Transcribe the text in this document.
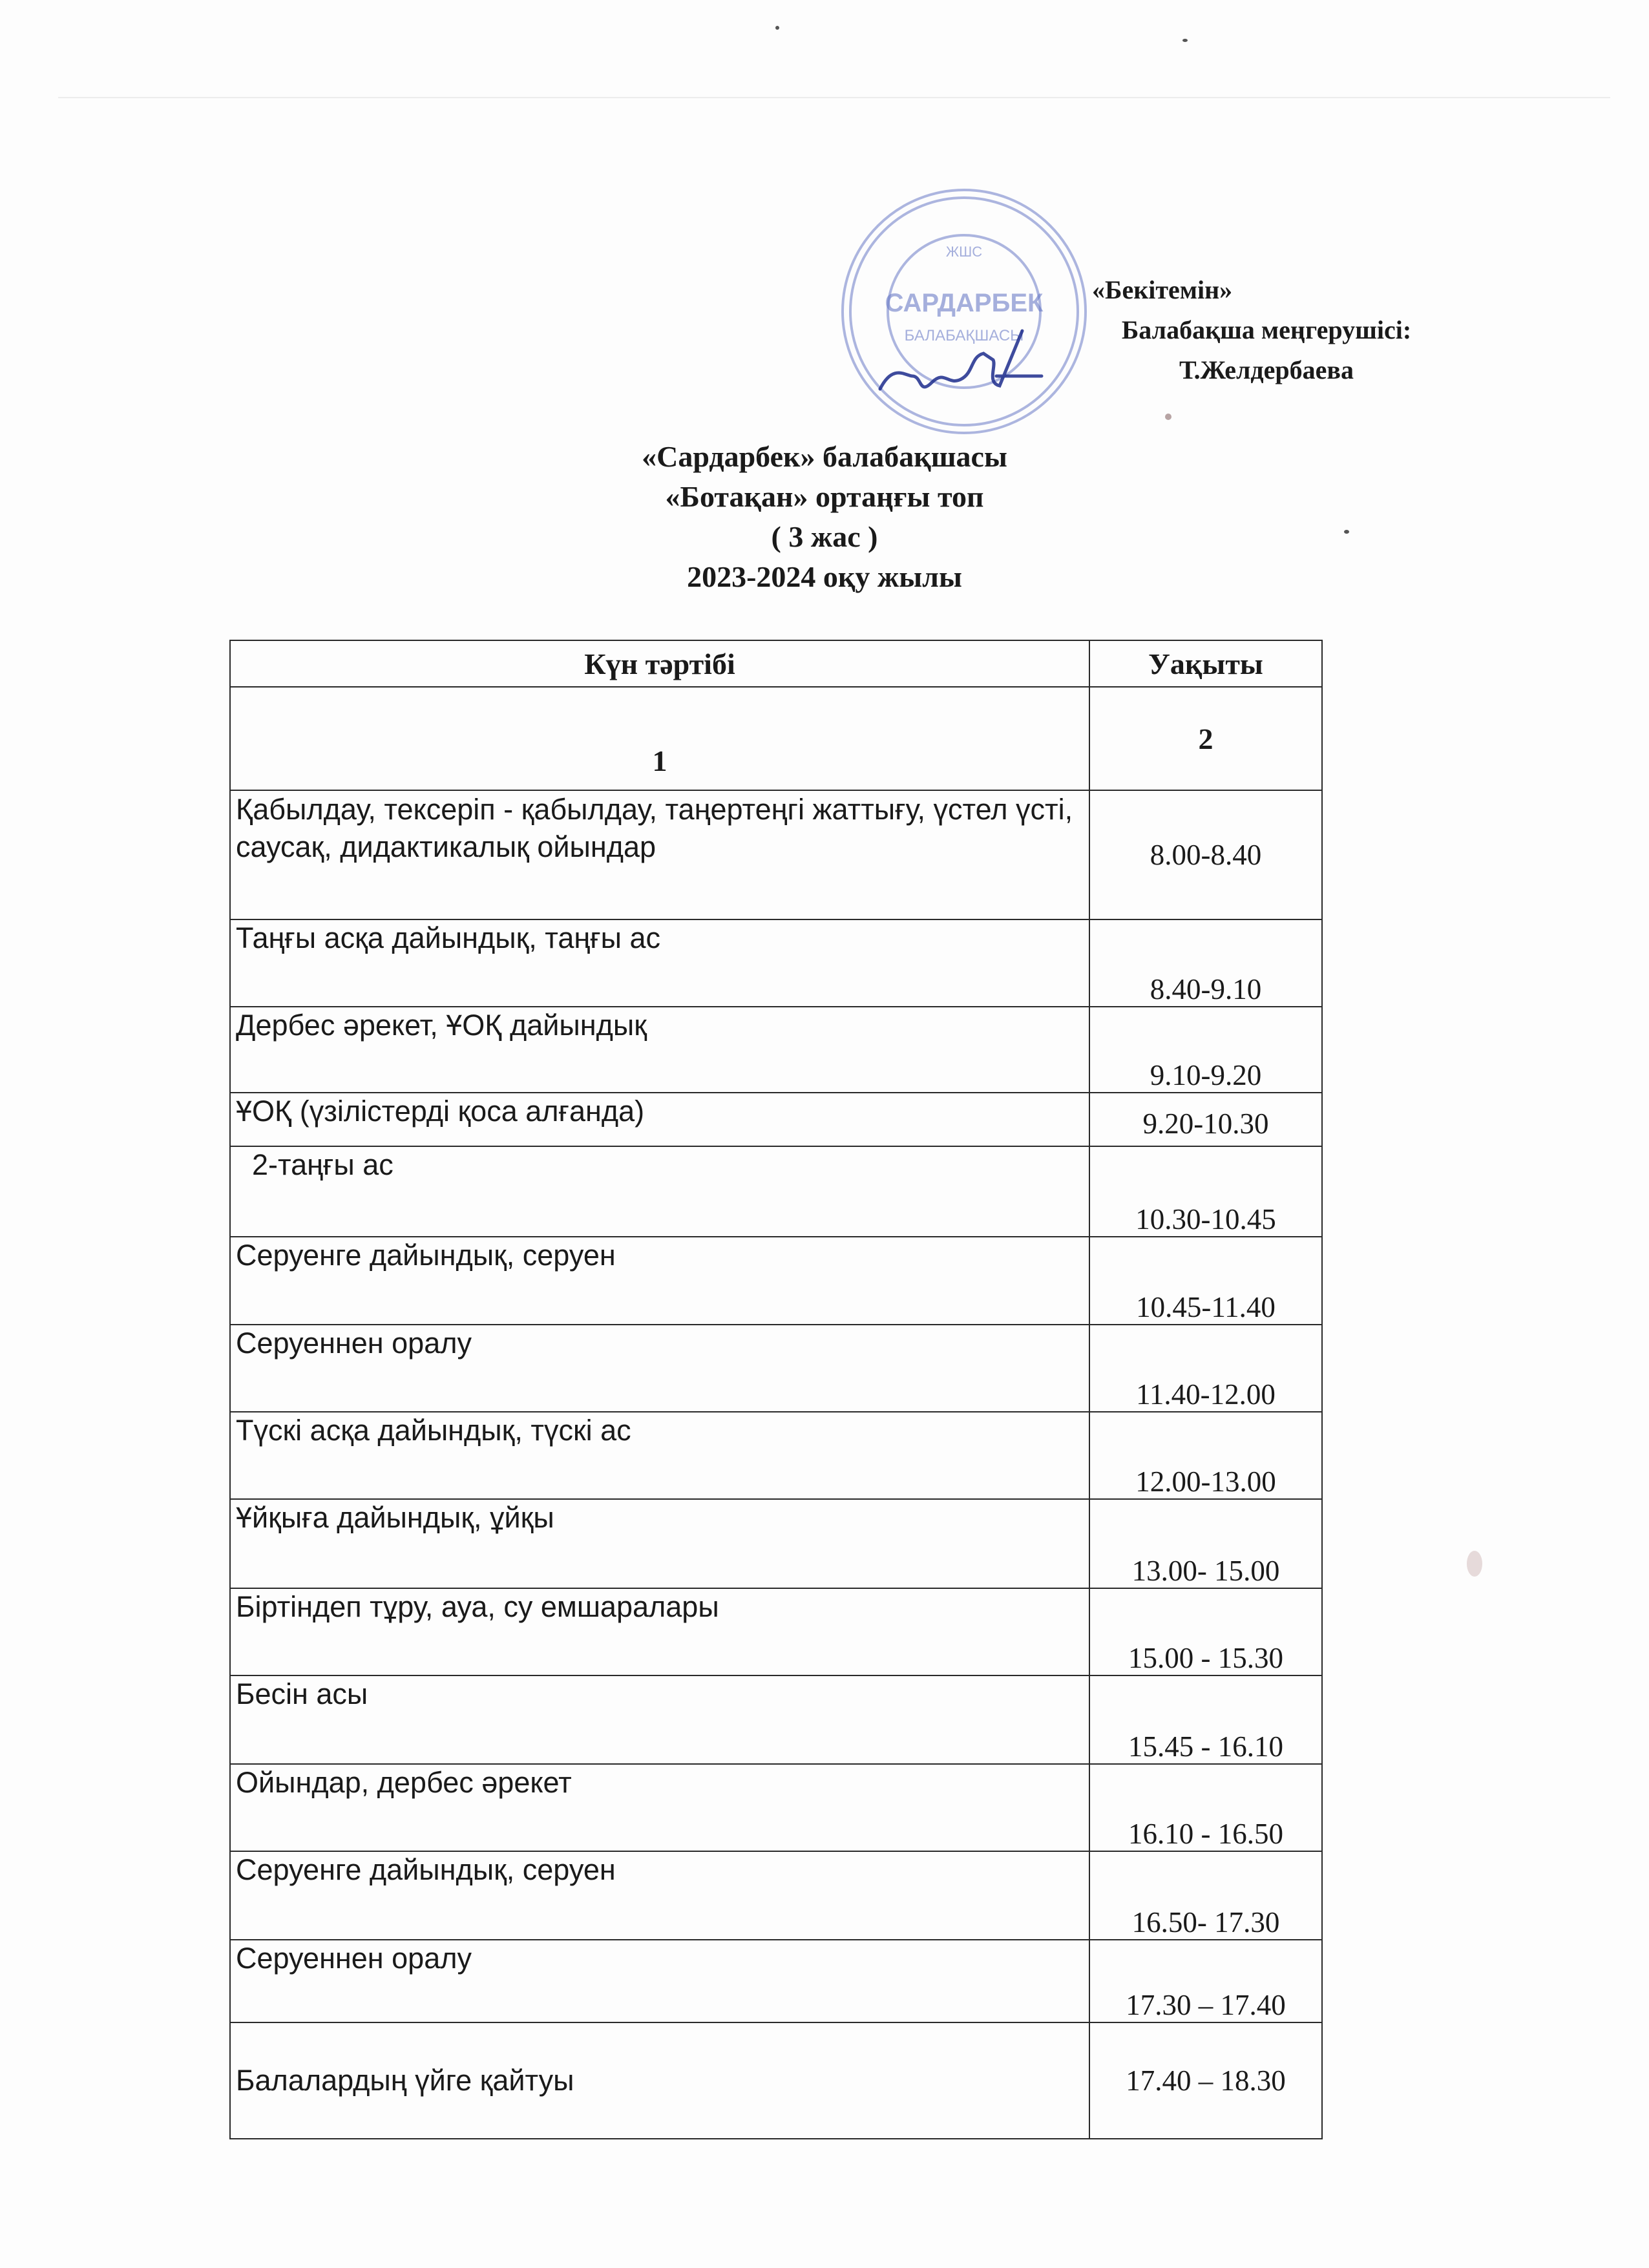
ЖШС
САРДАРБЕК
БАЛАБАҚШАСЫ
«Бекітемін»
Балабақша меңгерушісі:
Т.Желдербаева
«Сардарбек» балабақшасы
«Ботақан» ортаңғы топ
( 3 жас )
2023-2024 оқу жылы
Күн тәртібі	Уақыты
1	2
Қабылдау, тексеріп - қабылдау, таңертеңгі жаттығу, үстел үсті, саусақ, дидактикалық ойындар	8.00-8.40
Таңғы асқа дайындық, таңғы ас	8.40-9.10
Дербес әрекет, ҰОҚ дайындық	9.10-9.20
ҰОҚ (үзілістерді қоса алғанда)	9.20-10.30
2-таңғы ас	10.30-10.45
Серуенге дайындық, серуен	10.45-11.40
Серуеннен оралу	11.40-12.00
Түскі асқа дайындық, түскі ас	12.00-13.00
Ұйқыға дайындық, ұйқы	13.00- 15.00
Біртіндеп тұру, ауа, су емшаралары	15.00 - 15.30
Бесін асы	15.45 - 16.10
Ойындар, дербес әрекет	16.10 - 16.50
Серуенге дайындық, серуен	16.50- 17.30
Серуеннен оралу	17.30 – 17.40
Балалардың үйге қайтуы	17.40 – 18.30
